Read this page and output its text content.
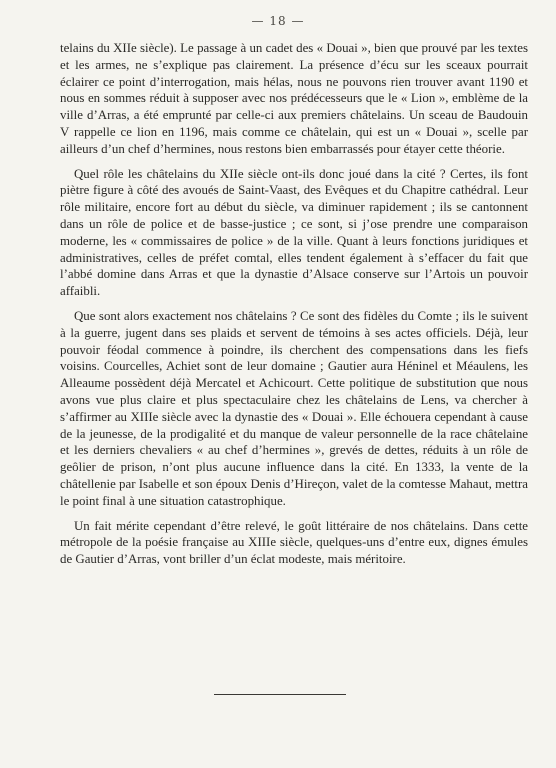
— 18 —

telains du XIIe siècle). Le passage à un cadet des « Douai », bien que prouvé par les textes et les armes, ne s’explique pas clairement. La présence d’écu sur les sceaux pourrait éclairer ce point d’interrogation, mais hélas, nous ne pouvons rien trouver avant 1190 et nous en sommes réduit à supposer avec nos prédécesseurs que le « Lion », emblème de la ville d’Arras, a été emprunté par celle-ci aux premiers châtelains. Un sceau de Baudouin V rappelle ce lion en 1196, mais comme ce châtelain, qui est un « Douai », scelle par ailleurs d’un chef d’hermines, nous restons bien embarrassés pour étayer cette théorie.

Quel rôle les châtelains du XIIe siècle ont-ils donc joué dans la cité ? Certes, ils font piètre figure à côté des avoués de Saint-Vaast, des Evêques et du Chapitre cathédral. Leur rôle militaire, encore fort au début du siècle, va diminuer rapidement ; ils se cantonnent dans un rôle de police et de basse-justice ; ce sont, si j’ose prendre une comparaison moderne, les « commissaires de police » de la ville. Quant à leurs fonctions juridiques et administratives, celles de préfet comtal, elles tendent également à s’effacer du fait que l’abbé domine dans Arras et que la dynastie d’Alsace conserve sur l’Artois un pouvoir affaibli.

Que sont alors exactement nos châtelains ? Ce sont des fidèles du Comte ; ils le suivent à la guerre, jugent dans ses plaids et servent de témoins à ses actes officiels. Déjà, leur pouvoir féodal commence à poindre, ils cherchent des compensations dans les fiefs voisins. Courcelles, Achiet sont de leur domaine ; Gautier aura Héninel et Méaulens, les Alleaume possèdent déjà Mercatel et Achicourt. Cette politique de substitution que nous avons vue plus claire et plus spectaculaire chez les châtelains de Lens, va chercher à s’affirmer au XIIIe siècle avec la dynastie des « Douai ». Elle échouera cependant à cause de la jeunesse, de la prodigalité et du manque de valeur personnelle de la race châtelaine et les derniers chevaliers « au chef d’hermines », grevés de dettes, réduits à un rôle de geôlier de prison, n’ont plus aucune influence dans la cité. En 1333, la vente de la châtellenie par Isabelle et son époux Denis d’Hireçon, valet de la comtesse Mahaut, mettra le point final à une situation catastrophique.

Un fait mérite cependant d’être relevé, le goût littéraire de nos châtelains. Dans cette métropole de la poésie française au XIIIe siècle, quelques-uns d’entre eux, dignes émules de Gautier d’Arras, vont briller d’un éclat modeste, mais méritoire.
